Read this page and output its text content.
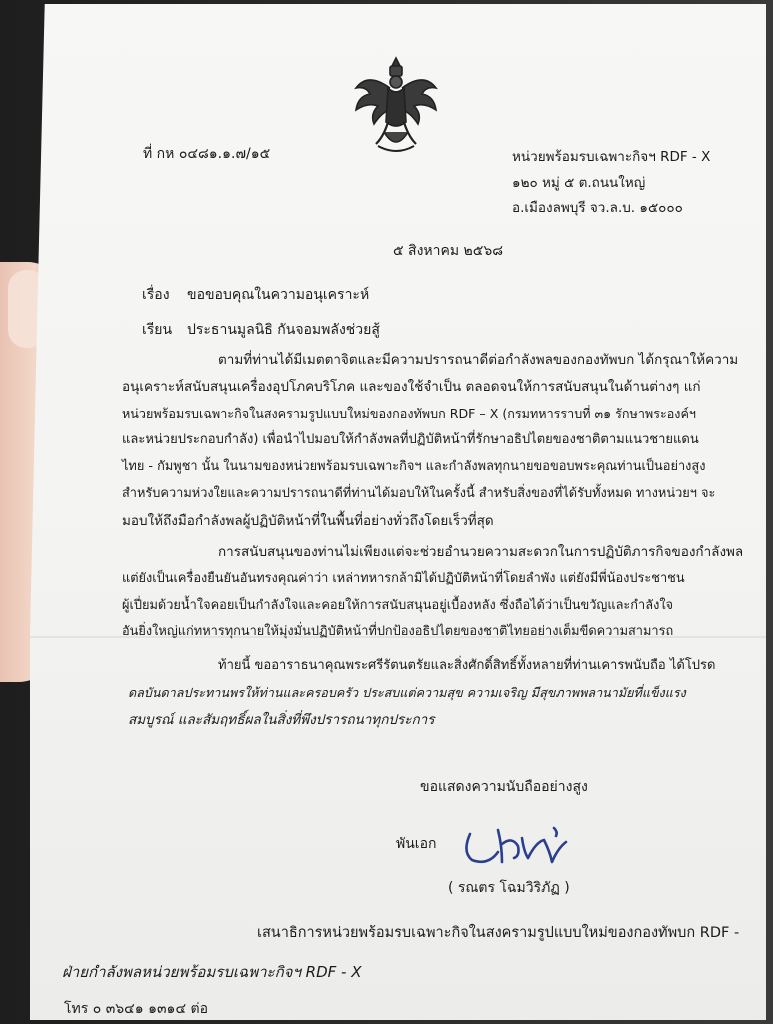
ที่ กห ๐๔๘๑.๑.๗/๑๕	หน่วยพร้อมรบเฉพาะกิจฯ RDF - X
๑๒๐ หมู่ ๕ ต.ถนนใหญ่
อ.เมืองลพบุรี จว.ล.บ. ๑๕๐๐๐
๕ สิงหาคม ๒๕๖๘
เรื่อง ขอขอบคุณในความอนุเคราะห์
เรียน ประธานมูลนิธิ กันจอมพลังช่วยสู้
ตามที่ท่านได้มีเมตตาจิตและมีความปรารถนาดีต่อกำลังพลของกองทัพบก ได้กรุณาให้ความ
อนุเคราะห์สนับสนุนเครื่องอุปโภคบริโภค และของใช้จำเป็น ตลอดจนให้การสนับสนุนในด้านต่างๆ แก่
หน่วยพร้อมรบเฉพาะกิจในสงครามรูปแบบใหม่ของกองทัพบก RDF – X (กรมทหารราบที่ ๓๑ รักษาพระองค์ฯ
และหน่วยประกอบกำลัง) เพื่อนำไปมอบให้กำลังพลที่ปฏิบัติหน้าที่รักษาอธิปไตยของชาติตามแนวชายแดน
ไทย - กัมพูชา นั้น ในนามของหน่วยพร้อมรบเฉพาะกิจฯ และกำลังพลทุกนายขอขอบพระคุณท่านเป็นอย่างสูง
สำหรับความห่วงใยและความปรารถนาดีที่ท่านได้มอบให้ในครั้งนี้ สำหรับสิ่งของที่ได้รับทั้งหมด ทางหน่วยฯ จะ
มอบให้ถึงมือกำลังพลผู้ปฏิบัติหน้าที่ในพื้นที่อย่างทั่วถึงโดยเร็วที่สุด
การสนับสนุนของท่านไม่เพียงแต่จะช่วยอำนวยความสะดวกในการปฏิบัติภารกิจของกำลังพล
แต่ยังเป็นเครื่องยืนยันอันทรงคุณค่าว่า เหล่าทหารกล้ามิได้ปฏิบัติหน้าที่โดยลำพัง แต่ยังมีพี่น้องประชาชน
ผู้เปี่ยมด้วยน้ำใจคอยเป็นกำลังใจและคอยให้การสนับสนุนอยู่เบื้องหลัง ซึ่งถือได้ว่าเป็นขวัญและกำลังใจ
อันยิ่งใหญ่แก่ทหารทุกนายให้มุ่งมั่นปฏิบัติหน้าที่ปกป้องอธิปไตยของชาติไทยอย่างเต็มขีดความสามารถ
ท้ายนี้ ขออาราธนาคุณพระศรีรัตนตรัยและสิ่งศักดิ์สิทธิ์ทั้งหลายที่ท่านเคารพนับถือ ได้โปรด
ดลบันดาลประทานพรให้ท่านและครอบครัว ประสบแต่ความสุข ความเจริญ มีสุขภาพพลานามัยที่แข็งแรง
สมบูรณ์ และสัมฤทธิ์ผลในสิ่งที่พึงปรารถนาทุกประการ
ขอแสดงความนับถืออย่างสูง
พันเอก
( รณตร โฉมวิริภัฏ )
เสนาธิการหน่วยพร้อมรบเฉพาะกิจในสงครามรูปแบบใหม่ของกองทัพบก RDF -
ฝ่ายกำลังพลหน่วยพร้อมรบเฉพาะกิจฯ RDF - X
โทร ๐ ๓๖๔๑ ๑๓๑๔ ต่อ
